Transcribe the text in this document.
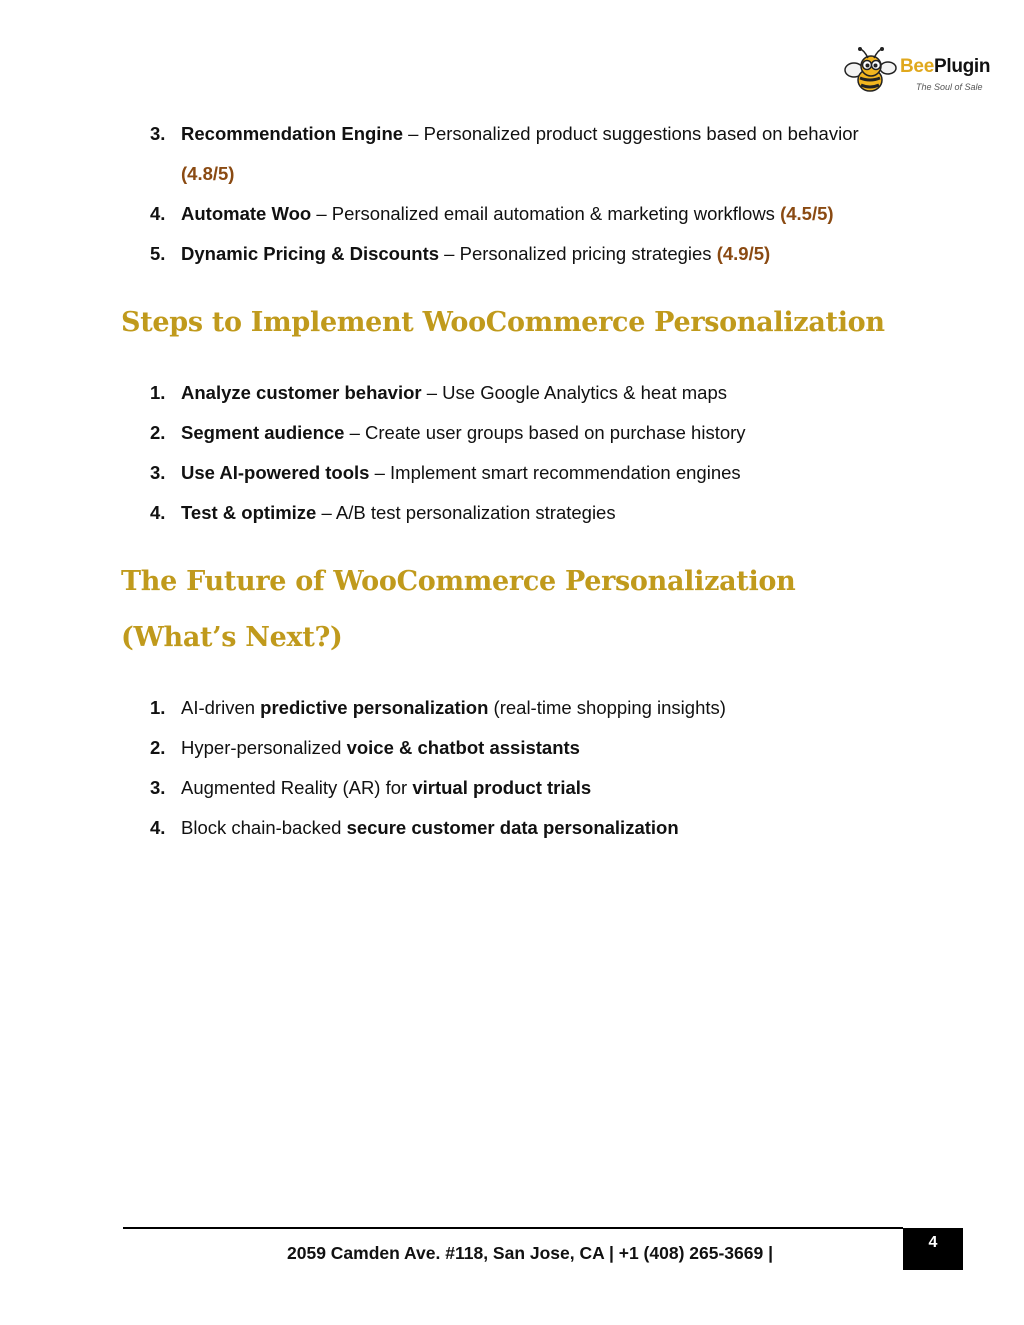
BeePlugin
The Soul of Sale
3. Recommendation Engine – Personalized product suggestions based on behavior
(4.8/5)
4. Automate Woo – Personalized email automation & marketing workflows (4.5/5)
5. Dynamic Pricing & Discounts – Personalized pricing strategies (4.9/5)
Steps to Implement WooCommerce Personalization
1. Analyze customer behavior – Use Google Analytics & heat maps
2. Segment audience – Create user groups based on purchase history
3. Use AI-powered tools – Implement smart recommendation engines
4. Test & optimize – A/B test personalization strategies
The Future of WooCommerce Personalization
(What’s Next?)
1. AI-driven predictive personalization (real-time shopping insights)
2. Hyper-personalized voice & chatbot assistants
3. Augmented Reality (AR) for virtual product trials
4. Block chain-backed secure customer data personalization
2059 Camden Ave. #118, San Jose, CA | +1 (408) 265-3669 |
4
